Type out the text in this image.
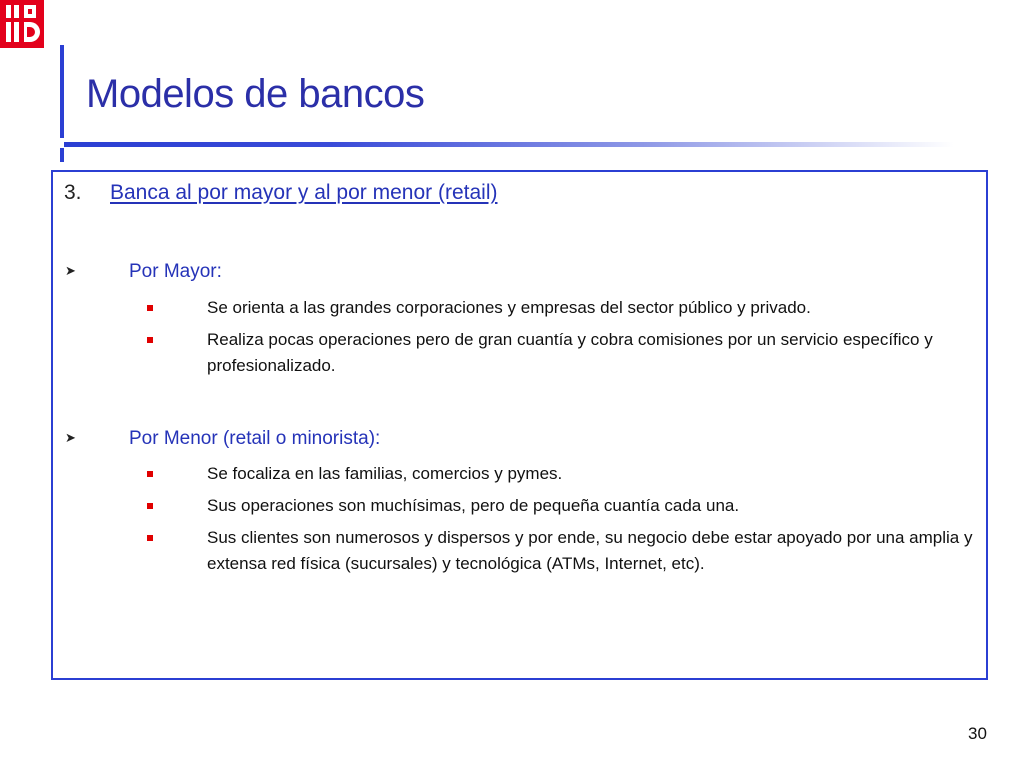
Modelos de bancos
3. Banca al por mayor y al por menor (retail)
➤	Por Mayor:
Se orienta a las grandes corporaciones y empresas del sector público y privado.
Realiza pocas operaciones pero de gran cuantía y cobra comisiones por un servicio específico y profesionalizado.
➤	Por Menor (retail o minorista):
Se focaliza en las familias, comercios y pymes.
Sus operaciones son muchísimas, pero de pequeña cuantía cada una.
Sus clientes son numerosos y dispersos y por ende, su negocio debe estar apoyado por una amplia y extensa red física (sucursales) y tecnológica (ATMs, Internet, etc).
30
